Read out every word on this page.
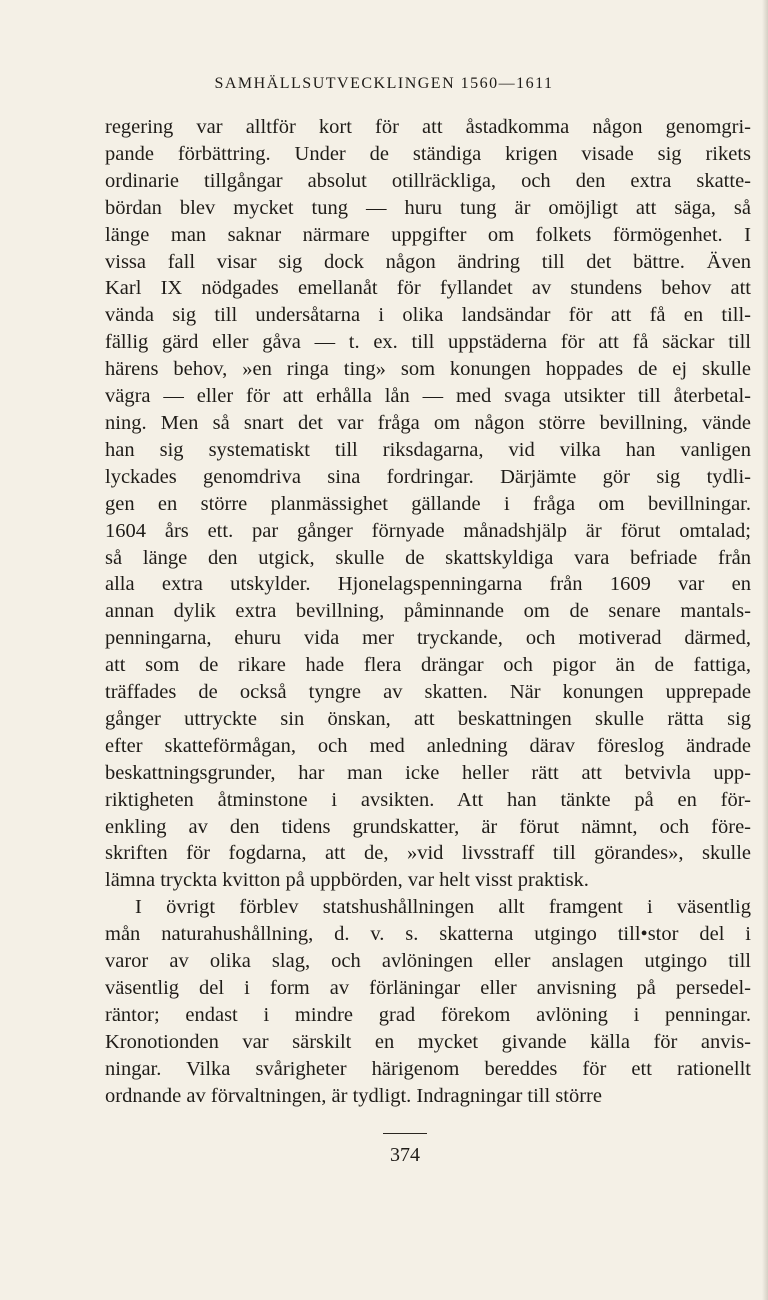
SAMHÄLLSUTVECKLINGEN 1560—1611

regering var alltför kort för att åstadkomma någon genomgri-
pande förbättring. Under de ständiga krigen visade sig rikets
ordinarie tillgångar absolut otillräckliga, och den extra skatte-
bördan blev mycket tung — huru tung är omöjligt att säga, så
länge man saknar närmare uppgifter om folkets förmögenhet. I
vissa fall visar sig dock någon ändring till det bättre. Även
Karl IX nödgades emellanåt för fyllandet av stundens behov att
vända sig till undersåtarna i olika landsändar för att få en till-
fällig gärd eller gåva — t. ex. till uppstäderna för att få säckar till
härens behov, »en ringa ting» som konungen hoppades de ej skulle
vägra — eller för att erhålla lån — med svaga utsikter till återbetal-
ning. Men så snart det var fråga om någon större bevillning, vände
han sig systematiskt till riksdagarna, vid vilka han vanligen
lyckades genomdriva sina fordringar. Därjämte gör sig tydli-
gen en större planmässighet gällande i fråga om bevillningar.
1604 års ett. par gånger förnyade månadshjälp är förut omtalad;
så länge den utgick, skulle de skattskyldiga vara befriade från
alla extra utskylder. Hjonelagspenningarna från 1609 var en
annan dylik extra bevillning, påminnande om de senare mantals-
penningarna, ehuru vida mer tryckande, och motiverad därmed,
att som de rikare hade flera drängar och pigor än de fattiga,
träffades de också tyngre av skatten. När konungen upprepade
gånger uttryckte sin önskan, att beskattningen skulle rätta sig
efter skatteförmågan, och med anledning därav föreslog ändrade
beskattningsgrunder, har man icke heller rätt att betvivla upp-
riktigheten åtminstone i avsikten. Att han tänkte på en för-
enkling av den tidens grundskatter, är förut nämnt, och före-
skriften för fogdarna, att de, »vid livsstraff till görandes», skulle
lämna tryckta kvitton på uppbörden, var helt visst praktisk.

I övrigt förblev statshushållningen allt framgent i väsentlig
mån naturahushållning, d. v. s. skatterna utgingo till•stor del i
varor av olika slag, och avlöningen eller anslagen utgingo till
väsentlig del i form av förläningar eller anvisning på persedel-
räntor; endast i mindre grad förekom avlöning i penningar.
Kronotionden var särskilt en mycket givande källa för anvis-
ningar. Vilka svårigheter härigenom bereddes för ett rationellt
ordnande av förvaltningen, är tydligt. Indragningar till större

374
